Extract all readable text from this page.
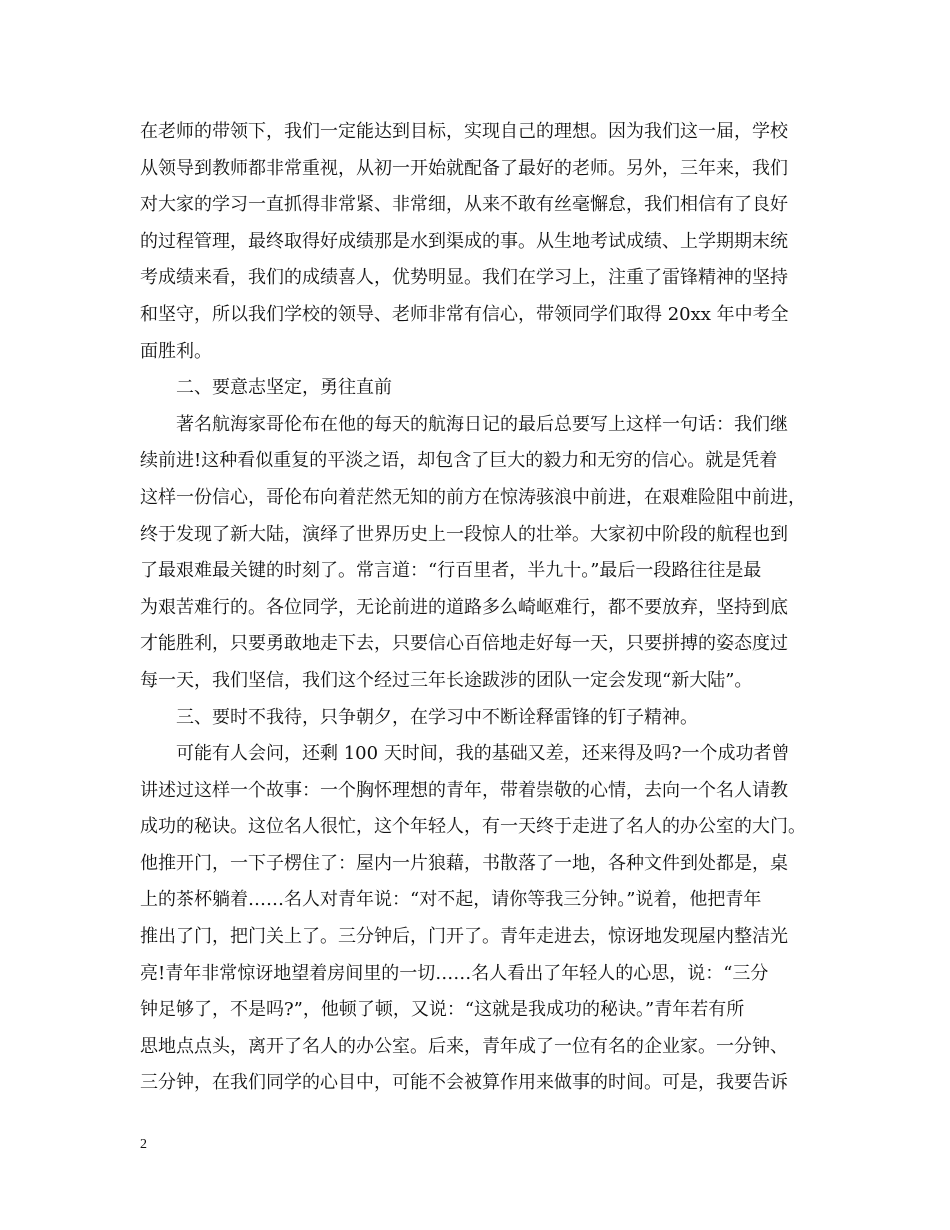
在老师的带领下，我们一定能达到目标，实现自己的理想。因为我们这一届，学校
从领导到教师都非常重视，从初一开始就配备了最好的老师。另外，三年来，我们
对大家的学习一直抓得非常紧、非常细，从来不敢有丝毫懈怠，我们相信有了良好
的过程管理，最终取得好成绩那是水到渠成的事。从生地考试成绩、上学期期末统
考成绩来看，我们的成绩喜人，优势明显。我们在学习上，注重了雷锋精神的坚持
和坚守，所以我们学校的领导、老师非常有信心，带领同学们取得 20xx 年中考全
面胜利。
二、要意志坚定，勇往直前
著名航海家哥伦布在他的每天的航海日记的最后总要写上这样一句话：我们继
续前进!这种看似重复的平淡之语，却包含了巨大的毅力和无穷的信心。就是凭着
这样一份信心，哥伦布向着茫然无知的前方在惊涛骇浪中前进，在艰难险阻中前进，
终于发现了新大陆，演绎了世界历史上一段惊人的壮举。大家初中阶段的航程也到
了最艰难最关键的时刻了。常言道：“行百里者，半九十。”最后一段路往往是最
为艰苦难行的。各位同学，无论前进的道路多么崎岖难行，都不要放弃，坚持到底
才能胜利，只要勇敢地走下去，只要信心百倍地走好每一天，只要拼搏的姿态度过
每一天，我们坚信，我们这个经过三年长途跋涉的团队一定会发现“新大陆”。
三、要时不我待，只争朝夕，在学习中不断诠释雷锋的钉子精神。
可能有人会问，还剩 100 天时间，我的基础又差，还来得及吗?一个成功者曾
讲述过这样一个故事：一个胸怀理想的青年，带着崇敬的心情，去向一个名人请教
成功的秘诀。这位名人很忙，这个年轻人，有一天终于走进了名人的办公室的大门。
他推开门，一下子楞住了：屋内一片狼藉，书散落了一地，各种文件到处都是，桌
上的茶杯躺着……名人对青年说：“对不起，请你等我三分钟。”说着，他把青年
推出了门，把门关上了。三分钟后，门开了。青年走进去，惊讶地发现屋内整洁光
亮!青年非常惊讶地望着房间里的一切……名人看出了年轻人的心思，说：“三分
钟足够了，不是吗?”，他顿了顿，又说：“这就是我成功的秘诀。”青年若有所
思地点点头，离开了名人的办公室。后来，青年成了一位有名的企业家。一分钟、
三分钟，在我们同学的心目中，可能不会被算作用来做事的时间。可是，我要告诉
2
